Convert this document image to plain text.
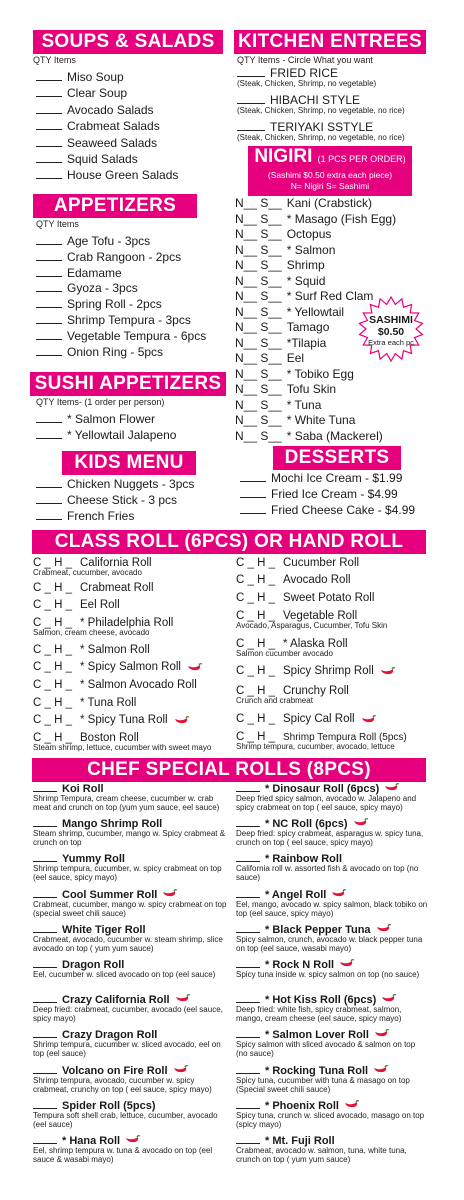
SOUPS & SALADS
QTY Items
KITCHEN ENTREES
QTY Items - Circle What you want
NIGIRI (1 PCS PER ORDER)
(Sashimi $0.50 extra each piece)
N= Nigiri S= Sashimi
SASHIMI
$0.50
Extra each pc
APPETIZERS
QTY Items
SUSHI APPETIZERS
QTY Items- (1 order per person)
KIDS MENU	DESSERTS
CLASS ROLL (6PCS) OR HAND ROLL
CHEF SPECIAL ROLLS (8PCS)
Miso Soup
Clear Soup
Avocado Salads
Crabmeat Salads
Seaweed Salads
Squid Salads
House Green Salads
Age Tofu - 3pcs
Crab Rangoon - 2pcs
Edamame
Gyoza - 3pcs
Spring Roll - 2pcs
Shrimp Tempura - 3pcs
Vegetable Tempura - 6pcs
Onion Ring - 5pcs
* Salmon Flower
* Yellowtail Jalapeno
Chicken Nuggets - 3pcs
Cheese Stick - 3 pcs
French Fries
Mochi Ice Cream - $1.99
Fried Ice Cream - $4.99
Fried Cheese Cake - $4.99
FRIED RICE
(Steak, Chicken, Shrimp, no vegetable)
HIBACHI STYLE
(Steak, Chicken, Shrimp, no vegetable, no rice)
TERIYAKI SSTYLE
(Steak, Chicken, Shrimp, no vegetable, no rice)
N__ S__ Kani (Crabstick)
N__ S__ * Masago (Fish Egg)
N__ S__ Octopus
N__ S__ * Salmon
N__ S__ Shrimp
N__ S__ * Squid
N__ S__ * Surf Red Clam
N__ S__ * Yellowtail
N__ S__ Tamago
N__ S__ *Tilapia
N__ S__ Eel
N__ S__ * Tobiko Egg
N__ S__ Tofu Skin
N__ S__ * Tuna
N__ S__ * White Tuna
N__ S__ * Saba (Mackerel)
C _ H _ California Roll
Crabmeat, cucumber, avocado
C _ H _ Crabmeat Roll
C _ H _ Eel Roll
C _ H _ * Philadelphia Roll
Salmon, cream cheese, avocado
C _ H _ * Salmon Roll
C _ H _ * Spicy Salmon Roll
C _ H _ * Salmon Avocado Roll
C _ H _ * Tuna Roll
C _ H _ * Spicy Tuna Roll
C _ H _ Boston Roll
Steam shrimp, lettuce, cucumber with sweet mayo
C _ H _ Cucumber Roll
C _ H _ Avocado Roll
C _ H _ Sweet Potato Roll
C _ H _ Vegetable Roll
Avocado, Asparagus, Cucumber, Tofu Skin
C _ H _ * Alaska Roll
Salmon cucumber avocado
C _ H _ Spicy Shrimp Roll
C _ H _ Crunchy Roll
Crunch and crabmeat
C _ H _ Spicy Cal Roll
C _ H _ Shrimp Tempura Roll (5pcs)
Shrimp tempura, cucumber, avocado, lettuce
Koi Roll
Shrimp Tempura, cream cheese, cucumber w. crab meat and crunch on top (yum yum sauce, eel sauce)
Mango Shrimp Roll
Steam shrimp, cucumber, mango w. Spicy crabmeat & crunch on top
Yummy Roll
Shrimp tempura, cucumber, w. spicy crabmeat on top (eel sauce, spicy mayo)
Cool Summer Roll
Crabmeat, cucumber, mango w. spicy crabmeat on top (special sweet chili sauce)
White Tiger Roll
Crabmeat, avocado, cucumber w. steam shrimp, slice avocado on top ( yum yum sauce)
Dragon Roll
Eel, cucumber w. sliced avocado on top (eel sauce)
Crazy California Roll
Deep fried: crabmeat, cucumber, avocado (eel sauce, spicy mayo)
Crazy Dragon Roll
Shrimp tempura, cucumber w. sliced avocado, eel on top (eel sauce)
Volcano on Fire Roll
Shrimp tempura, avocado, cucumber w. spicy crabmeat, crunchy on top ( eel sauce, spicy mayo)
Spider Roll (5pcs)
Tempura soft shell crab, lettuce, cucumber, avocado (eel sauce)
* Hana Roll
Eel, shrimp tempura w. tuna & avocado on top (eel sauce & wasabi mayo)
* Dinosaur Roll (6pcs)
Deep fried spicy salmon, avocado w. Jalapeno and spicy crabmeat on top ( eel sauce, spicy mayo)
* NC Roll (6pcs)
Deep fried: spicy crabmeat, asparagus w. spicy tuna, crunch on top ( eel sauce, spicy mayo)
* Rainbow Roll
California roll w. assorted fish & avocado on top (no sauce)
* Angel Roll
Eel, mango, avocado w. spicy salmon, black tobiko on top (eel sauce, spicy mayo)
* Black Pepper Tuna
Spicy salmon, crunch, avocado w. black pepper tuna on top (eel sauce, wasabi mayo)
* Rock N Roll
Spicy tuna inside w. spicy salmon on top (no sauce)
* Hot Kiss Roll (6pcs)
Deep fried: white fish, spicy crabmeat, salmon, mango, cream cheese (eel sauce, spicy mayo)
* Salmon Lover Roll
Spicy salmon with sliced avocado & salmon on top (no sauce)
* Rocking Tuna Roll
Spicy tuna, cucumber with tuna & masago on top (Special sweet chili sauce)
* Phoenix Roll
Spicy tuna, crunch w. sliced avocado, masago on top (spicy mayo)
* Mt. Fuji Roll
Crabmeat, avocado w. salmon, tuna, white tuna, crunch on top ( yum yum sauce)
